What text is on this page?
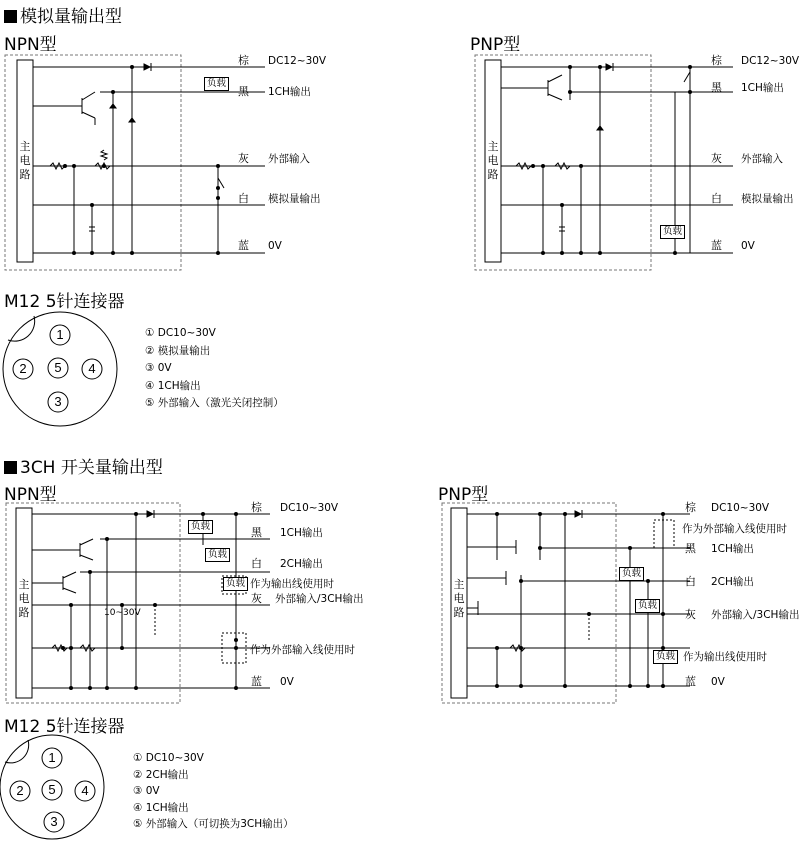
模拟量输出型
3CH 开关量输出型
NPN型	PNP型
M12 5针连接器
NPN型	PNP型
M12 5针连接器
主
电
路
主
电
路
主
电
路
主
电
路
棕 DC12~30V
黑 1CH输出
灰 外部输入
白 模拟量输出
蓝 0V
负载
棕 DC12~30V
黑 1CH输出
灰 外部输入
白 模拟量输出
蓝 0V
负载
1
2	5	4
3
① DC10~30V
② 模拟量输出
③ 0V
④ 1CH输出
⑤ 外部输入（激光关闭控制）
棕 DC10~30V
黑 1CH输出
白 2CH输出
灰 外部输入/3CH输出
蓝 0V
作为输出线使用时
作为外部输入线使用时
10~30V
负载
负载
负载
棕 DC10~30V
黑 1CH输出
白 2CH输出
灰 外部输入/3CH输出
蓝 0V
作为外部输入线使用时
作为输出线使用时
负载
负载
负载
1
2	5	4
3
① DC10~30V
② 2CH输出
③ 0V
④ 1CH输出
⑤ 外部输入（可切换为3CH输出）
